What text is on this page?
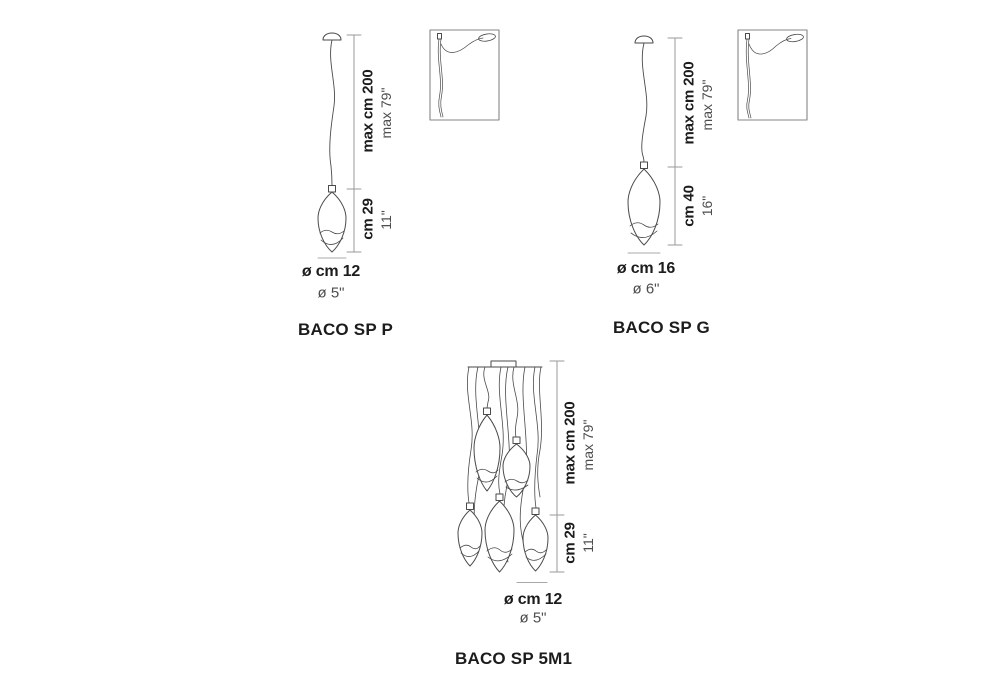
max cm 200 max 79"
cm 29 11"
ø cm 12
ø 5"
BACO SP P
max cm 200 max 79"
cm 40 16"
ø cm 16
ø 6"
BACO SP G
max cm 200 max 79"
cm 29 11"
ø cm 12
ø 5"
BACO SP 5M1
